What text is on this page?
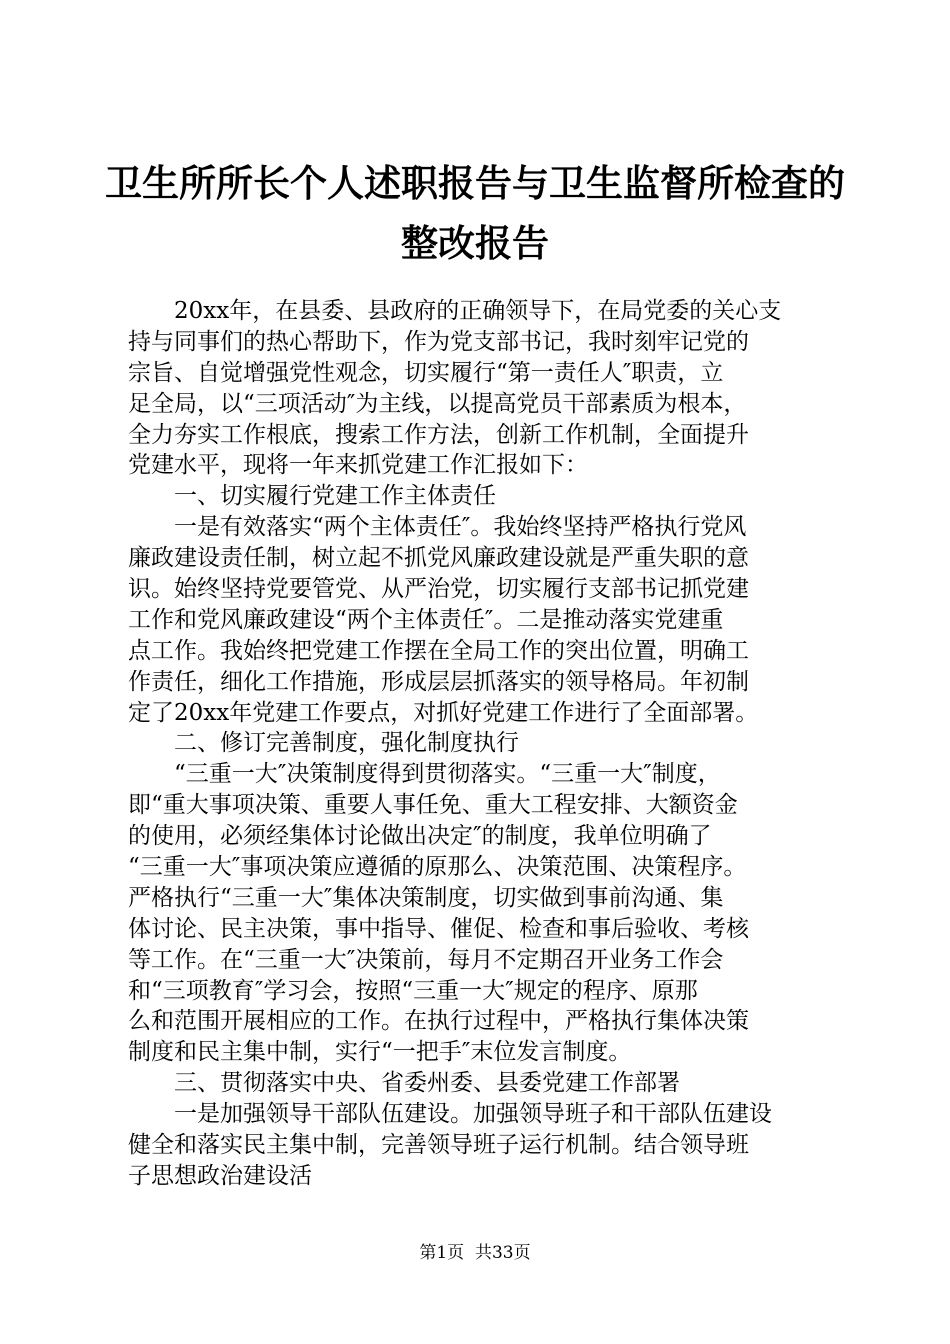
卫生所所长个人述职报告与卫生监督所检查的
整改报告
　　20xx年，在县委、县政府的正确领导下，在局党委的关心支
持与同事们的热心帮助下，作为党支部书记，我时刻牢记党的
宗旨、自觉增强党性观念，切实履行“第一责任人″职责，立
足全局，以“三项活动″为主线，以提高党员干部素质为根本，
全力夯实工作根底，搜索工作方法，创新工作机制，全面提升
党建水平，现将一年来抓党建工作汇报如下：
　　一、切实履行党建工作主体责任
　　一是有效落实“两个主体责任″。我始终坚持严格执行党风
廉政建设责任制，树立起不抓党风廉政建设就是严重失职的意
识。始终坚持党要管党、从严治党，切实履行支部书记抓党建
工作和党风廉政建设“两个主体责任″。二是推动落实党建重
点工作。我始终把党建工作摆在全局工作的突出位置，明确工
作责任，细化工作措施，形成层层抓落实的领导格局。年初制
定了20xx年党建工作要点，对抓好党建工作进行了全面部署。
　　二、修订完善制度，强化制度执行
　　“三重一大″决策制度得到贯彻落实。“三重一大″制度，
即“重大事项决策、重要人事任免、重大工程安排、大额资金
的使用，必须经集体讨论做出决定″的制度，我单位明确了
“三重一大″事项决策应遵循的原那么、决策范围、决策程序。
严格执行“三重一大″集体决策制度，切实做到事前沟通、集
体讨论、民主决策，事中指导、催促、检查和事后验收、考核
等工作。在“三重一大″决策前，每月不定期召开业务工作会
和“三项教育″学习会，按照“三重一大″规定的程序、原那
么和范围开展相应的工作。在执行过程中，严格执行集体决策
制度和民主集中制，实行“一把手″末位发言制度。
　　三、贯彻落实中央、省委州委、县委党建工作部署
　　一是加强领导干部队伍建设。加强领导班子和干部队伍建设
健全和落实民主集中制，完善领导班子运行机制。结合领导班
子思想政治建设活
第1页  共33页
